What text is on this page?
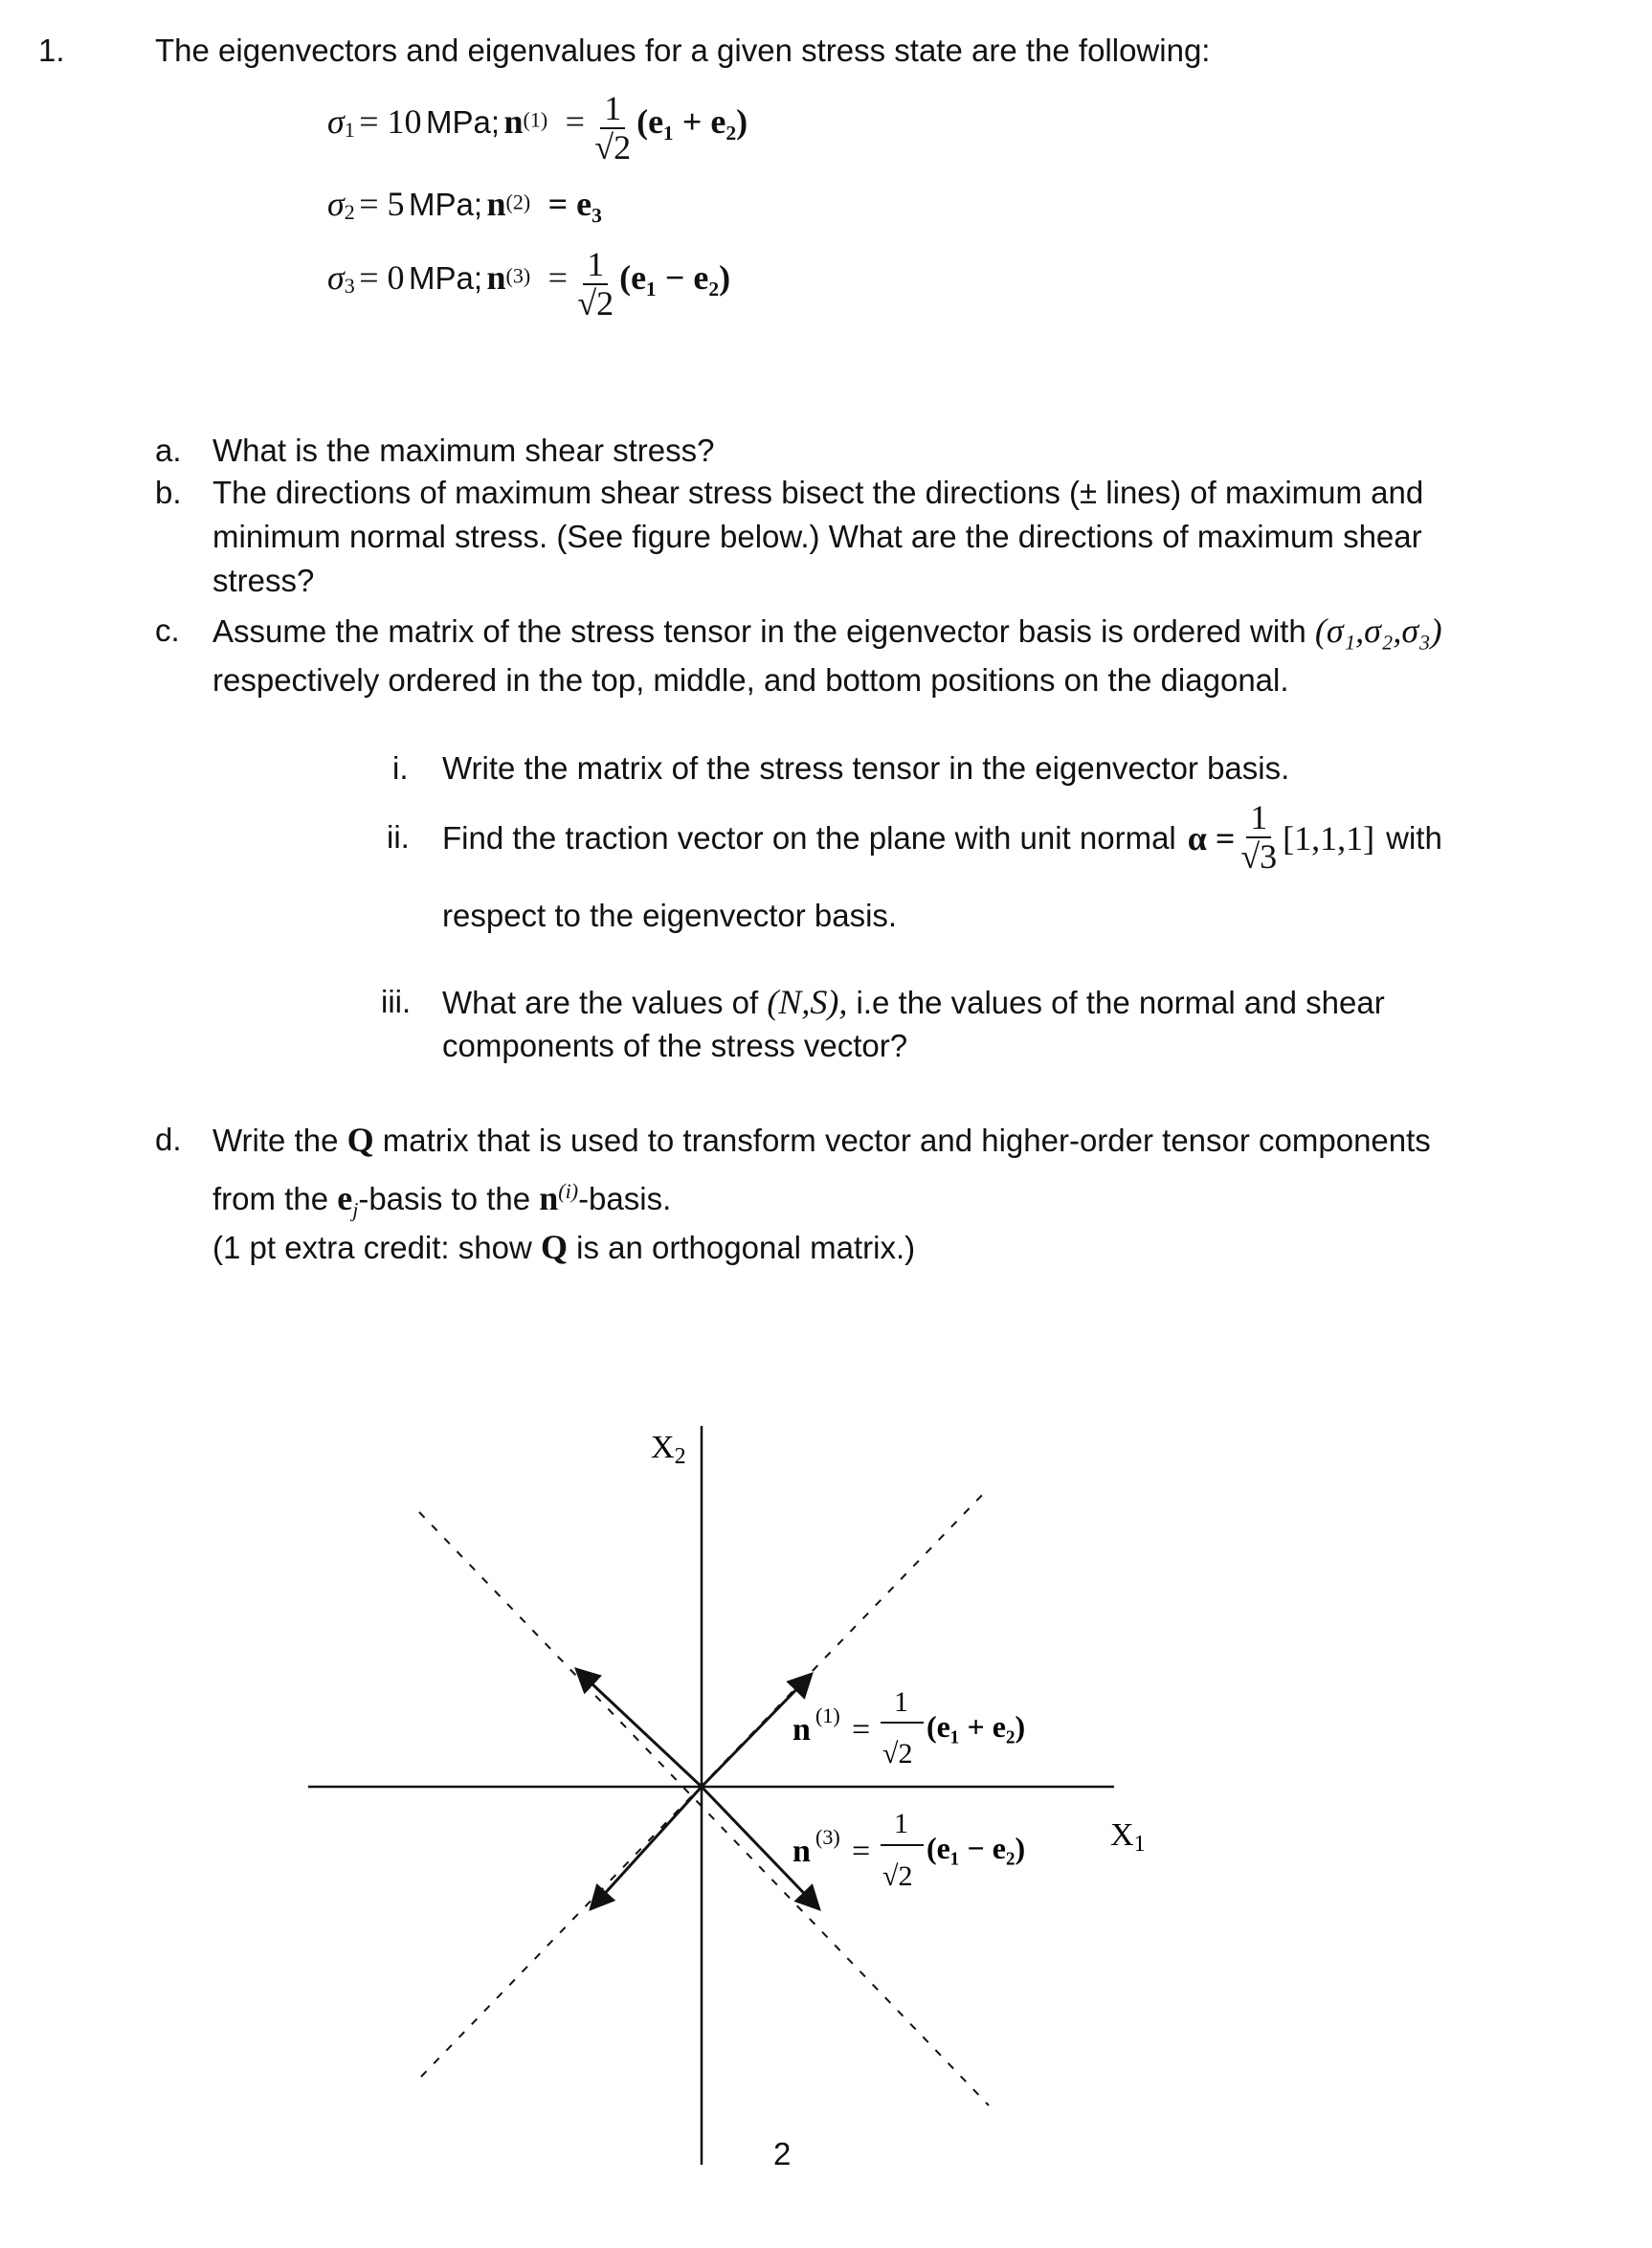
1.	The eigenvectors and eigenvalues for a given stress state are the following:
$\sigma_1 = 10$ MPa; $n^{(1)} = \frac{1}{√2} (e_1 + e_2)$
$\sigma_2 = 5$ MPa; $n^{(2)} = e_3$
$\sigma_3 = 0$ MPa; $n^{(3)} = \frac{1}{√2} (e_1 - e_2)$
a. What is the maximum shear stress?
b. The directions of maximum shear stress bisect the directions (± lines) of maximum and
minimum normal stress. (See figure below.) What are the directions of maximum shear
stress?
c. Assume the matrix of the stress tensor in the eigenvector basis is ordered with (σ₁,σ₂,σ₃)
respectively ordered in the top, middle, and bottom positions on the diagonal.
i. Write the matrix of the stress tensor in the eigenvector basis.
ii. Find the traction vector on the plane with unit normal $\alpha = \frac{1}{√3} [1,1,1]$ with
respect to the eigenvector basis.
iii. What are the values of (N,S), i.e the values of the normal and shear
components of the stress vector?
d. Write the Q matrix that is used to transform vector and higher-order tensor components
from the $e_j$-basis to the $n^{(i)}$-basis.
(1 pt extra credit: show Q is an orthogonal matrix.)
X2
X1
n (1) =
1
√2
(e₁ + e₂)
n (3) =
1
√2
(e₁ − e₂)
2
